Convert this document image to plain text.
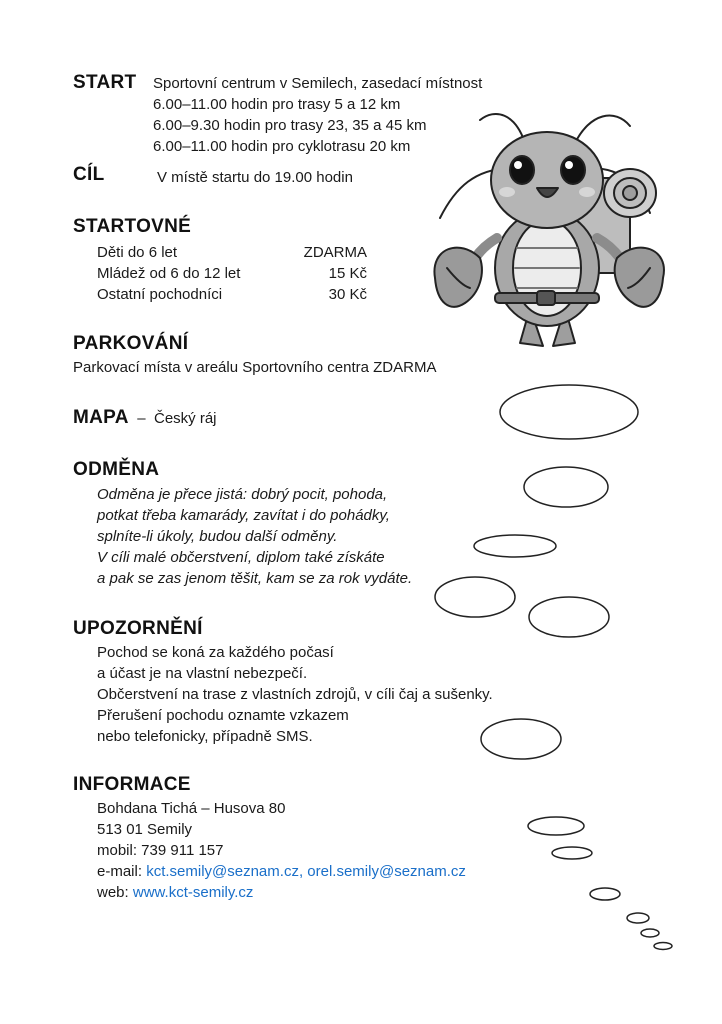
START Sportovní centrum v Semilech, zasedací místnost
6.00–11.00 hodin pro trasy 5 a 12 km
6.00–9.30 hodin pro trasy 23, 35 a 45 km
6.00–11.00 hodin pro cyklotrasu 20 km
CÍL	V místě startu do 19.00 hodin
STARTOVNÉ
Děti do 6 let	ZDARMA
Mládež od 6 do 12 let	15 Kč
Ostatní pochodníci	30 Kč
PARKOVÁNÍ
Parkovací místa v areálu Sportovního centra ZDARMA
MAPA – Český ráj
ODMĚNA
Odměna je přece jistá: dobrý pocit, pohoda,
potkat třeba kamarády, zavítat i do pohádky,
splníte-li úkoly, budou další odměny.
V cíli malé občerstvení, diplom také získáte
a pak se zas jenom těšit, kam se za rok vydáte.
UPOZORNĚNÍ
Pochod se koná za každého počasí
a účast je na vlastní nebezpečí.
Občerstvení na trase z vlastních zdrojů, v cíli čaj a sušenky.
Přerušení pochodu oznamte vzkazem
nebo telefonicky, případně SMS.
INFORMACE
Bohdana Tichá – Husova 80
513 01 Semily
mobil: 739 911 157
e-mail: kct.semily@seznam.cz, orel.semily@seznam.cz
web: www.kct-semily.cz
